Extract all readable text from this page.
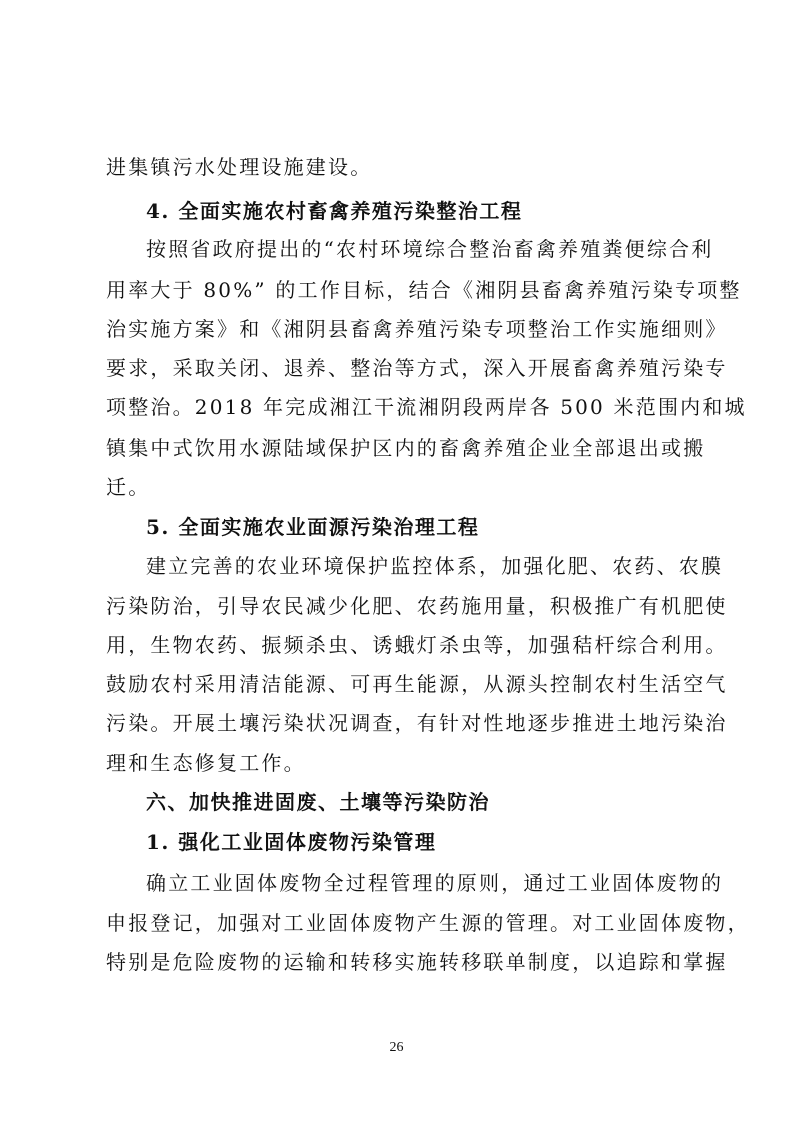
进集镇污水处理设施建设。
4. 全面实施农村畜禽养殖污染整治工程
按照省政府提出的“农村环境综合整治畜禽养殖粪便综合利
用率大于 80%” 的工作目标，结合《湘阴县畜禽养殖污染专项整
治实施方案》和《湘阴县畜禽养殖污染专项整治工作实施细则》
要求，采取关闭、退养、整治等方式，深入开展畜禽养殖污染专
项整治。2018 年完成湘江干流湘阴段两岸各 500 米范围内和城
镇集中式饮用水源陆域保护区内的畜禽养殖企业全部退出或搬
迁。
5. 全面实施农业面源污染治理工程
建立完善的农业环境保护监控体系，加强化肥、农药、农膜
污染防治，引导农民减少化肥、农药施用量，积极推广有机肥使
用，生物农药、振频杀虫、诱蛾灯杀虫等，加强秸杆综合利用。
鼓励农村采用清洁能源、可再生能源，从源头控制农村生活空气
污染。开展土壤污染状况调查，有针对性地逐步推进土地污染治
理和生态修复工作。
六、加快推进固废、土壤等污染防治
1. 强化工业固体废物污染管理
确立工业固体废物全过程管理的原则，通过工业固体废物的
申报登记，加强对工业固体废物产生源的管理。对工业固体废物，
特别是危险废物的运输和转移实施转移联单制度，以追踪和掌握
26
